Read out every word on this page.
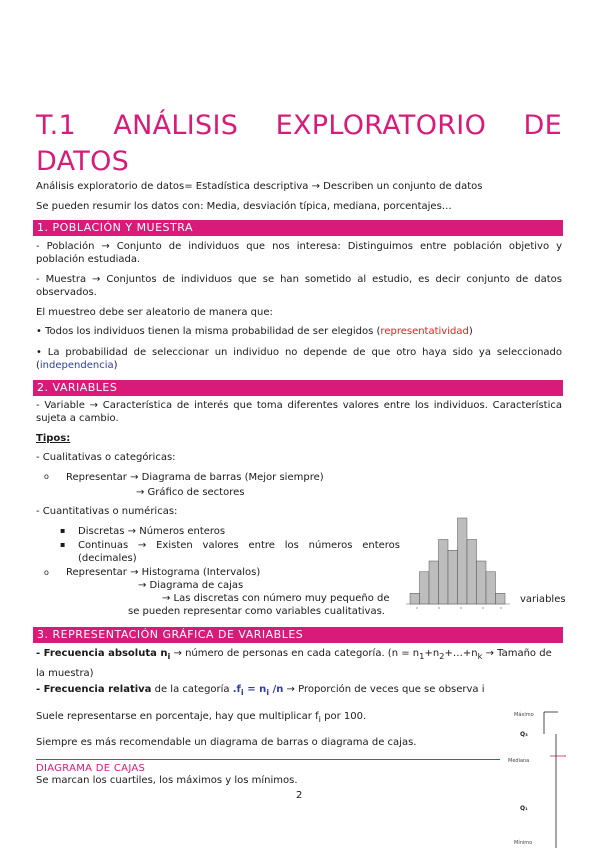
T.1 ANÁLISIS EXPLORATORIO DE
DATOS
Análisis exploratorio de datos= Estadística descriptiva → Describen un conjunto de datos
Se pueden resumir los datos con: Media, desviación típica, mediana, porcentajes…
1. POBLACIÓN Y MUESTRA
- Población → Conjunto de individuos que nos interesa: Distinguimos entre población objetivo y población estudiada.
- Muestra → Conjuntos de individuos que se han sometido al estudio, es decir conjunto de datos observados.
El muestreo debe ser aleatorio de manera que:
• Todos los individuos tienen la misma probabilidad de ser elegidos (representatividad)
• La probabilidad de seleccionar un individuo no depende de que otro haya sido ya seleccionado (independencia)
2. VARIABLES
- Variable → Característica de interés que toma diferentes valores entre los individuos. Característica sujeta a cambio.
Tipos:
- Cualitativas o categóricas:
o Representar → Diagrama de barras (Mejor siempre)
→ Gráfico de sectores
- Cuantitativas o numéricas:
▪ Discretas → Números enteros
▪ Continuas → Existen valores entre los números enteros
(decimales)
o Representar → Histograma (Intervalos)
→ Diagrama de cajas
→ Las discretas con número muy pequeño de	variables
se pueden representar como variables cualitativas.
3. REPRESENTACIÓN GRÁFICA DE VARIABLES
- Frecuencia absoluta $n_i$ → número de personas en cada categoría. ($n = n_1+n_2+\dots+n_k$ → Tamaño de la muestra)
- Frecuencia relativa de la categoría $.f_i = n_i$ /n → Proporción de veces que se observa i
Suele representarse en porcentaje, hay que multiplicar $f_i$ por 100.
Siempre es más recomendable un diagrama de barras o diagrama de cajas.
DIAGRAMA DE CAJAS
Se marcan los cuartiles, los máximos y los mínimos.
2
Máximo
Q₃
Mediana
Q₁
Mínimo
